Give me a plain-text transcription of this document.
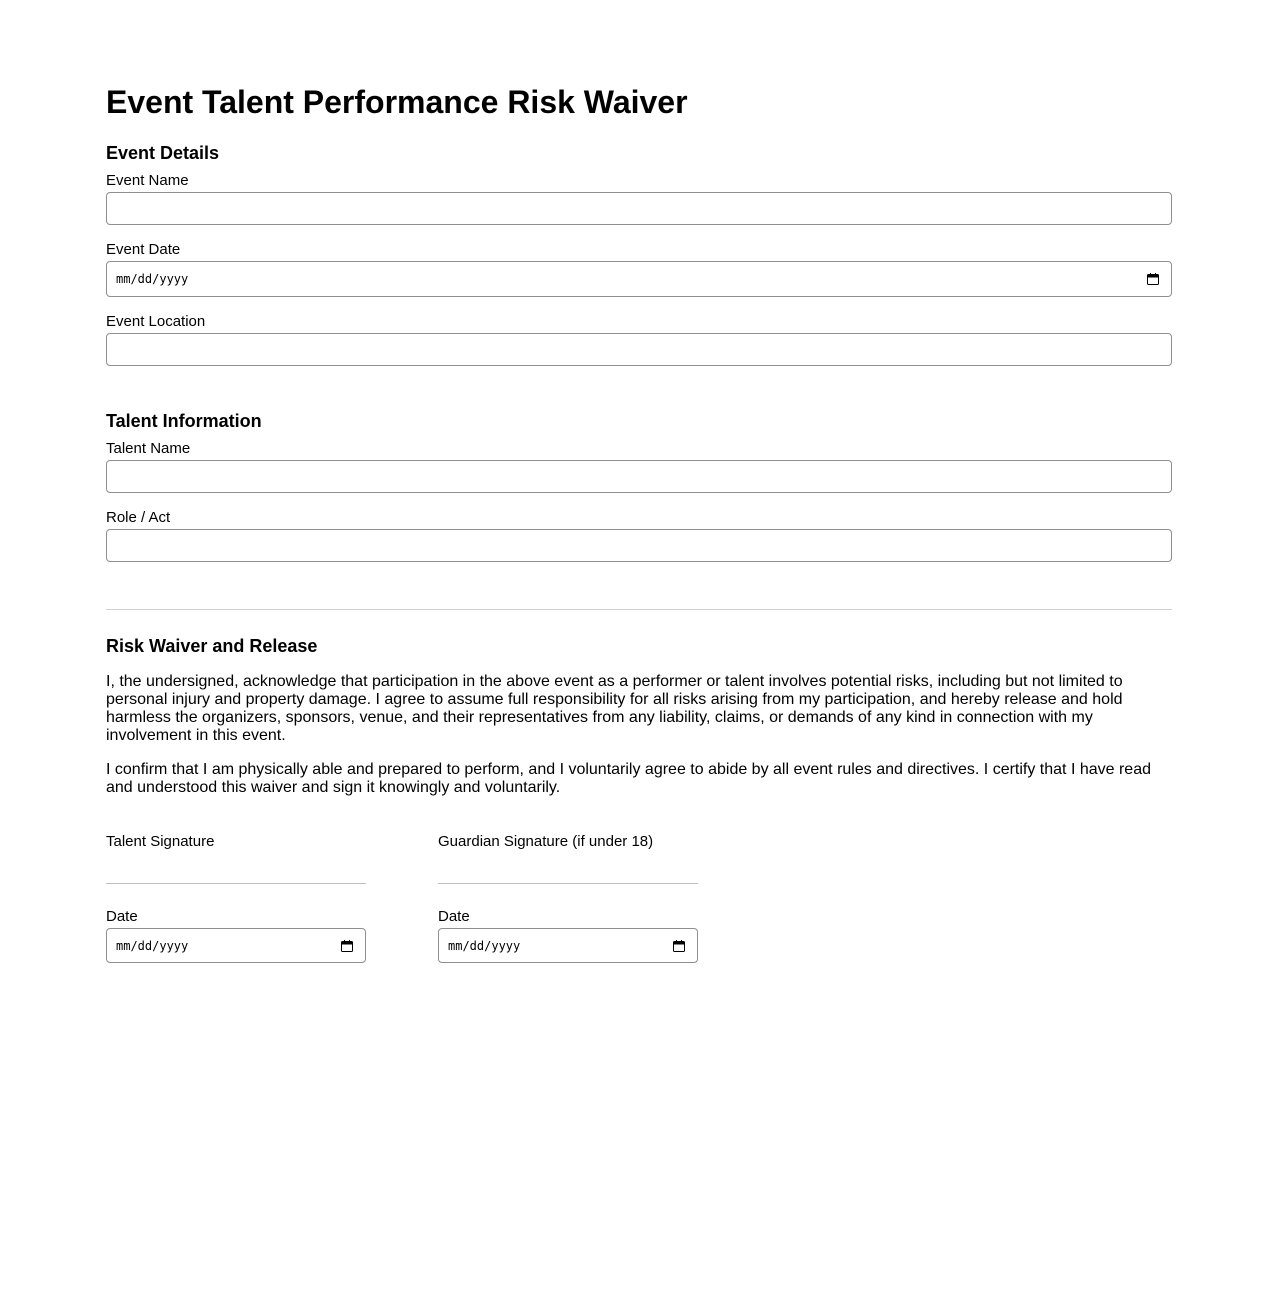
Event Talent Performance Risk Waiver
Event Details
Event Name
Event Date
mm/dd/yyyy
Event Location
Talent Information
Talent Name
Role / Act
Risk Waiver and Release

I, the undersigned, acknowledge that participation in the above event as a performer or talent involves potential risks, including but not limited to personal injury and property damage. I agree to assume full responsibility for all risks arising from my participation, and hereby release and hold harmless the organizers, sponsors, venue, and their representatives from any liability, claims, or demands of any kind in connection with my involvement in this event.

I confirm that I am physically able and prepared to perform, and I voluntarily agree to abide by all event rules and directives. I certify that I have read and understood this waiver and sign it knowingly and voluntarily.

Talent Signature	Guardian Signature (if under 18)
Date
mm/dd/yyyy
Date
mm/dd/yyyy
